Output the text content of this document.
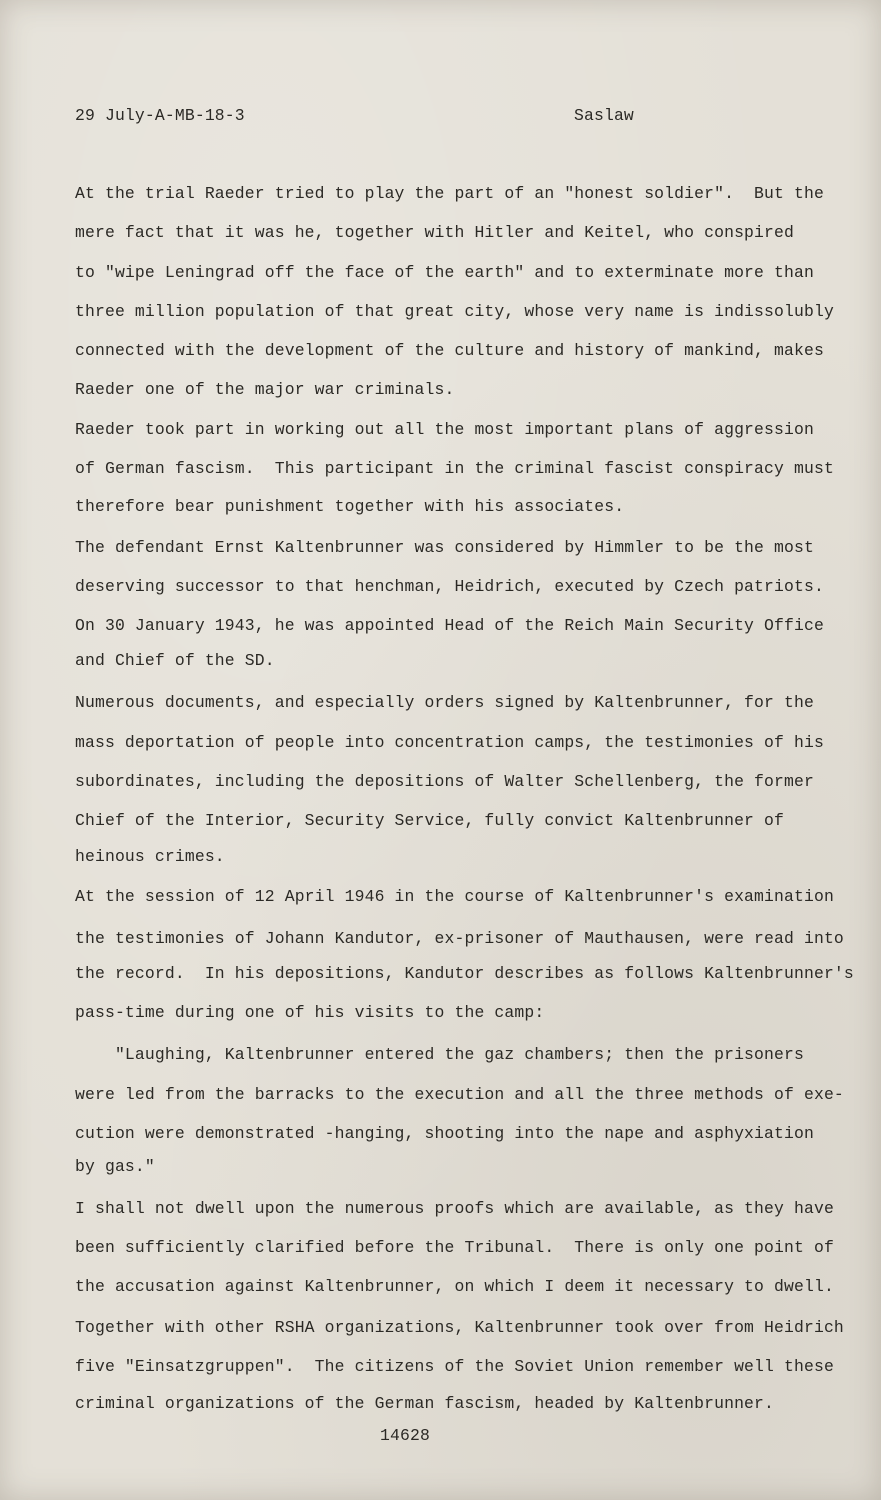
29 July-A-MB-18-3	Saslaw
At the trial Raeder tried to play the part of an "honest soldier".  But the
mere fact that it was he, together with Hitler and Keitel, who conspired
to "wipe Leningrad off the face of the earth" and to exterminate more than
three million population of that great city, whose very name is indissolubly
connected with the development of the culture and history of mankind, makes
Raeder one of the major war criminals.
Raeder took part in working out all the most important plans of aggression
of German fascism.  This participant in the criminal fascist conspiracy must
therefore bear punishment together with his associates.
The defendant Ernst Kaltenbrunner was considered by Himmler to be the most
deserving successor to that henchman, Heidrich, executed by Czech patriots.
On 30 January 1943, he was appointed Head of the Reich Main Security Office
and Chief of the SD.
Numerous documents, and especially orders signed by Kaltenbrunner, for the
mass deportation of people into concentration camps, the testimonies of his
subordinates, including the depositions of Walter Schellenberg, the former
Chief of the Interior, Security Service, fully convict Kaltenbrunner of
heinous crimes.
At the session of 12 April 1946 in the course of Kaltenbrunner's examination
the testimonies of Johann Kandutor, ex-prisoner of Mauthausen, were read into
the record.  In his depositions, Kandutor describes as follows Kaltenbrunner's
pass-time during one of his visits to the camp:
"Laughing, Kaltenbrunner entered the gaz chambers; then the prisoners
were led from the barracks to the execution and all the three methods of exe-
cution were demonstrated -hanging, shooting into the nape and asphyxiation
by gas."
I shall not dwell upon the numerous proofs which are available, as they have
been sufficiently clarified before the Tribunal.  There is only one point of
the accusation against Kaltenbrunner, on which I deem it necessary to dwell.
Together with other RSHA organizations, Kaltenbrunner took over from Heidrich
five "Einsatzgruppen".  The citizens of the Soviet Union remember well these
criminal organizations of the German fascism, headed by Kaltenbrunner.
14628
